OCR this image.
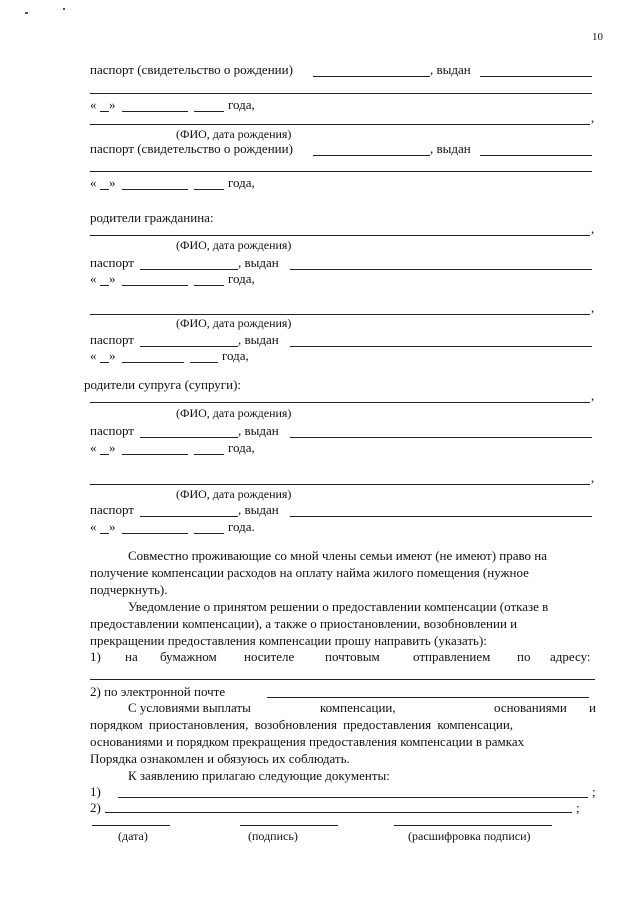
10
паспорт (свидетельство о рождении)	, выдан
« »	года,
,
(ФИО, дата рождения)
паспорт (свидетельство о рождении)	, выдан
« »	года,
родители гражданина:
,
(ФИО, дата рождения)
паспорт	, выдан
« »	года,
,
(ФИО, дата рождения)
паспорт	, выдан
« »	года,
родители супруга (супруги):
,
(ФИО, дата рождения)
паспорт	, выдан
« »	года,
,
(ФИО, дата рождения)
паспорт	, выдан
« »	года.
Совместно проживающие со мной члены семьи имеют (не имеют) право на
получение компенсации расходов на оплату найма жилого помещения (нужное
подчеркнуть).
Уведомление о принятом решении о предоставлении компенсации (отказе в
предоставлении компенсации), а также о приостановлении, возобновлении и
прекращении предоставления компенсации прошу направить (указать):
1) на бумажном носителе почтовым	отправлением по адресу:
2) по электронной почте
С условиями выплаты	компенсации,	основаниями и
порядком приостановления, возобновления предоставления компенсации,
основаниями и порядком прекращения предоставления компенсации в рамках
Порядка ознакомлен и обязуюсь их соблюдать.
К заявлению прилагаю следующие документы:
1)	;
2)	;
(дата)	(подпись)	(расшифровка подписи)
